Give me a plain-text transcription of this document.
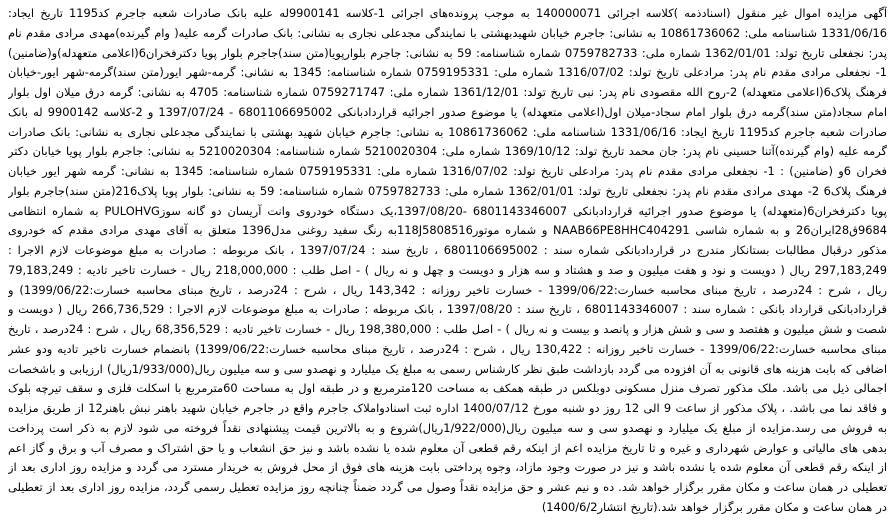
آگهی مزایده اموال غیر منقول (اسنادذمه )کلاسه اجرائی 140000071 به موجب پرونده‌های اجرائی 1-کلاسه 9900141له علیه بانک صادرات شعبه جاجرم کد1195 تاریخ ایجاد: 1331/06/16 شناسنامه ملی: 10861736062 به نشانی: جاجرم خیابان شهیدبهشتی با نمایندگی مجدعلی نجاری به نشانی: بانک صادرات گرمه علیه( وام گیرنده)مهدی مرادی مقدم نام پدر: نجفعلی تاریخ تولد: 1362/01/01 شماره ملی: 0759782733 شماره شناسنامه: 59 به نشانی: جاجرم بلوارپویا(متن سند)جاجرم بلوار پویا دکترفخران6(اعلامی متعهدله)و(ضامنین) 1- نجفعلی مرادی مقدم نام پدر: مرادعلی تاریخ تولد: 1316/07/02 شماره ملی: 0759195331 شماره شناسنامه: 1345 به نشانی: گرمه-شهر ایور(متن سند)گرمه-شهر ایور-خیابان فرهنگ پلاک6(اعلامی متعهدله) 2-روح الله مقصودی نام پدر: نبی تاریخ تولد: 1361/12/01 شماره ملی: 0759271747 شماره شناسنامه: 4705 به نشانی: گرمه درق میلان اول بلوار امام سجاد(متن سند)گرمه درق بلوار امام سجاد-میلان اول(اعلامی متعهدله) یا موضوع صدور اجرائیه قراردادبانکی 6801106695002 - 1397/07/24 و 2-کلاسه 9900142 له بانک صادرات شعبه جاجرم کد1195 تاریخ ایجاد: 1331/06/16 شناسنامه ملی: 10861736062 به نشانی: جاجرم خیابان شهید بهشتی با نمایندگی مجدعلی نجاری به نشانی: بانک صادرات گرمه علیه (وام گیرنده)آتنا حسینی نام پدر: جان محمد تاریخ تولد: 1369/10/12 شماره ملی: 5210020304 شماره شناسنامه: 5210020304 به نشانی: جاجرم بلوار پویا خیابان دکتر فخران 6و (ضامنین) : 1- نجفعلی مرادی مقدم نام پدر: مرادعلی تاریخ تولد: 1316/07/02 شماره ملی: 0759195331 شماره شناسنامه: 1345 به نشانی: گرمه شهر ایور خیابان فرهنگ پلاک6 2- مهدی مرادی مقدم نام پدر: نجفعلی تاریخ تولد: 1362/01/01 شماره ملی: 0759782733 شماره شناسنامه: 59 به نشانی: بلوار پویا پلاک216(متن سند)جاجرم بلوار پویا دکترفخران6(متعهدله) یا موضوع صدور اجرائیه قراردادبانکی 6801143346007 -1397/08/20،یک دستگاه خودروی وانت آریسان دو گانه سوزPULOHVG به شماره انتظامی 9684ق28ایران26 و به شماره شاسی NAAB66PE8HHC404291 و شماره موتور118J5808516به رنگ سفید روغنی مدل1396 متعلق به آقای مهدی مرادی مقدم که خودروی مذکور درقبال مطالبات بستانکار مندرج در قراردادبانکی شماره سند : 6801106695002 ، تاریخ سند : 1397/07/24 ، بانک مربوطه : صادرات به مبلغ موضوعات لازم الاجرا : 297,183,249 ریال ( دویست و نود و هفت میلیون و صد و هشتاد و سه هزار و دویست و چهل و نه ریال ) - اصل طلب : 218,000,000 ریال - خسارت تاخیر تادیه : 79,183,249 ریال ، شرح : 24درصد ، تاریخ مبنای محاسبه خسارت:1399/06/22 - خسارت تاخیر روزانه : 143,342 ریال ، شرح : 24درصد ، تاریخ مبنای محاسبه خسارت:1399/06/22) و قراردادبانکی قرارداد بانکی : شماره سند : 6801143346007 ، تاریخ سند : 1397/08/20 ، بانک مربوطه : صادرات به مبلغ موضوعات لازم الاجرا : 266,736,529 ریال ( دویست و شصت و شش میلیون و هفتصد و سی و شش هزار و پانصد و بیست و نه ریال ) - اصل طلب : 198,380,000 ریال - خسارت تاخیر تادیه : 68,356,529 ریال ، شرح : 24درصد ، تاریخ مبنای محاسبه خسارت:1399/06/22 - خسارت تاخیر روزانه : 130,422 ریال ، شرح : 24درصد ، تاریخ مبنای محاسبه خسارت:1399/06/22) بانضمام خسارت تاخیر تادیه ودو عشر اضافی که بابت هزینه های قانونی به آن افزوده می گردد بازداشت طبق نظر کارشناس رسمی به مبلغ یک میلیارد و نهصدو سی و سه میلیون ریال(1/933/000ریال) ارزیابی و باشخصات اجمالی ذیل می باشد. ملک مذکور تصرف منزل مسکونی دوبلکس در طبقه همکف به مساحت 120مترمربع و در طبقه اول به مساحت 60مترمربع با اسکلت فلزی و سقف تیرچه بلوک و فاقد نما می باشد. ، پلاک مذکور از ساعت 9 الی 12 روز دو شنبه مورخ 1400/07/12 اداره ثبت اسنادواملاک جاجرم واقع در جاجرم خیابان شهید باهنر نبش باهنر12 از طریق مزایده به فروش می رسد.مزایده از مبلغ یک میلیارد و نهصدو سی و سه میلیون ریال(1/922/000ریال)شروع و به بالاترین قیمت پیشنهادی نقداً فروخته می شود لازم به ذکر است پرداخت بدهی های مالیاتی و عوارض شهرداری و غیره و تا تاریخ مزایده اعم از اینکه رقم قطعی آن معلوم شده یا نشده باشد و نیز حق انشعاب و یا حق اشتراک و مصرف آب و برق و گاز اعم از اینکه رقم قطعی آن معلوم شده یا نشده باشد و نیز در صورت وجود مازاد، وجوه پرداختی بابت هزینه های فوق از محل فروش به خریدار مسترد می گردد و مزایده روز اداری بعد از تعطیلی در همان ساعت و مکان مقرر برگزار خواهد شد. ده و نیم عشر و حق مزایده نقداً وصول می گردد ضمناً چنانچه روز مزایده تعطیل رسمی گردد، مزایده روز اداری بعد از تعطیلی در همان ساعت و مکان مقرر برگزار خواهد شد.(تاریخ انتشار1400/6/2)
